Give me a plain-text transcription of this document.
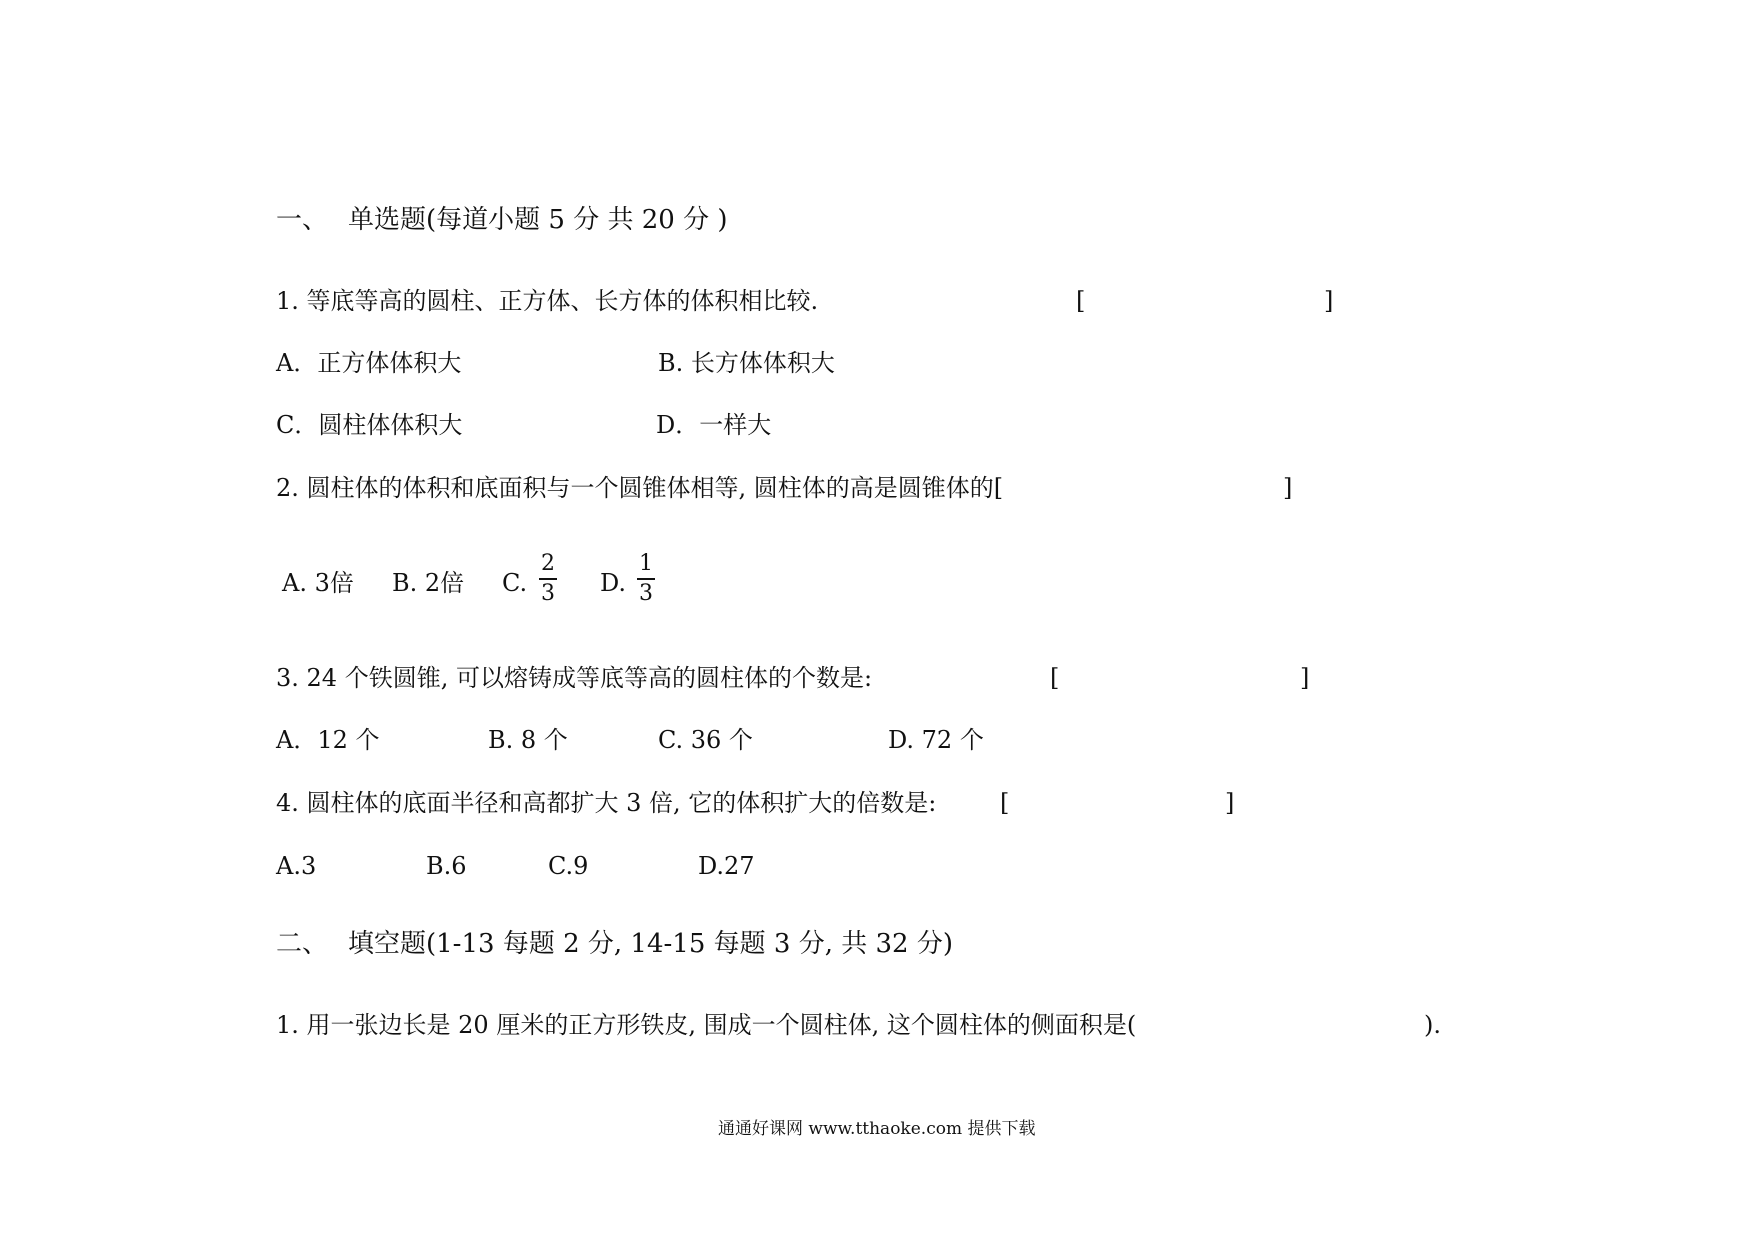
一、 单选题(每道小题 5 分 共 20 分 )
1. 等底等高的圆柱、正方体、长方体的体积相比较.	[	]
A．正方体体积大	B. 长方体体积大
C．圆柱体体积大	D．一样大
2. 圆柱体的体积和底面积与一个圆锥体相等, 圆柱体的高是圆锥体的[	]
A. 3倍 B. 2倍 C.
2
3 D.
1
3
3. 24 个铁圆锥, 可以熔铸成等底等高的圆柱体的个数是:	[	]
A．12 个	B. 8 个	C. 36 个	D. 72 个
4. 圆柱体的底面半径和高都扩大 3 倍, 它的体积扩大的倍数是:	[	]
A.3	B.6	C.9	D.27
二、 填空题(1-13 每题 2 分, 14-15 每题 3 分, 共 32 分)
1. 用一张边长是 20 厘米的正方形铁皮, 围成一个圆柱体, 这个圆柱体的侧面积是(	).
通通好课网 www.tthaoke.com 提供下载
